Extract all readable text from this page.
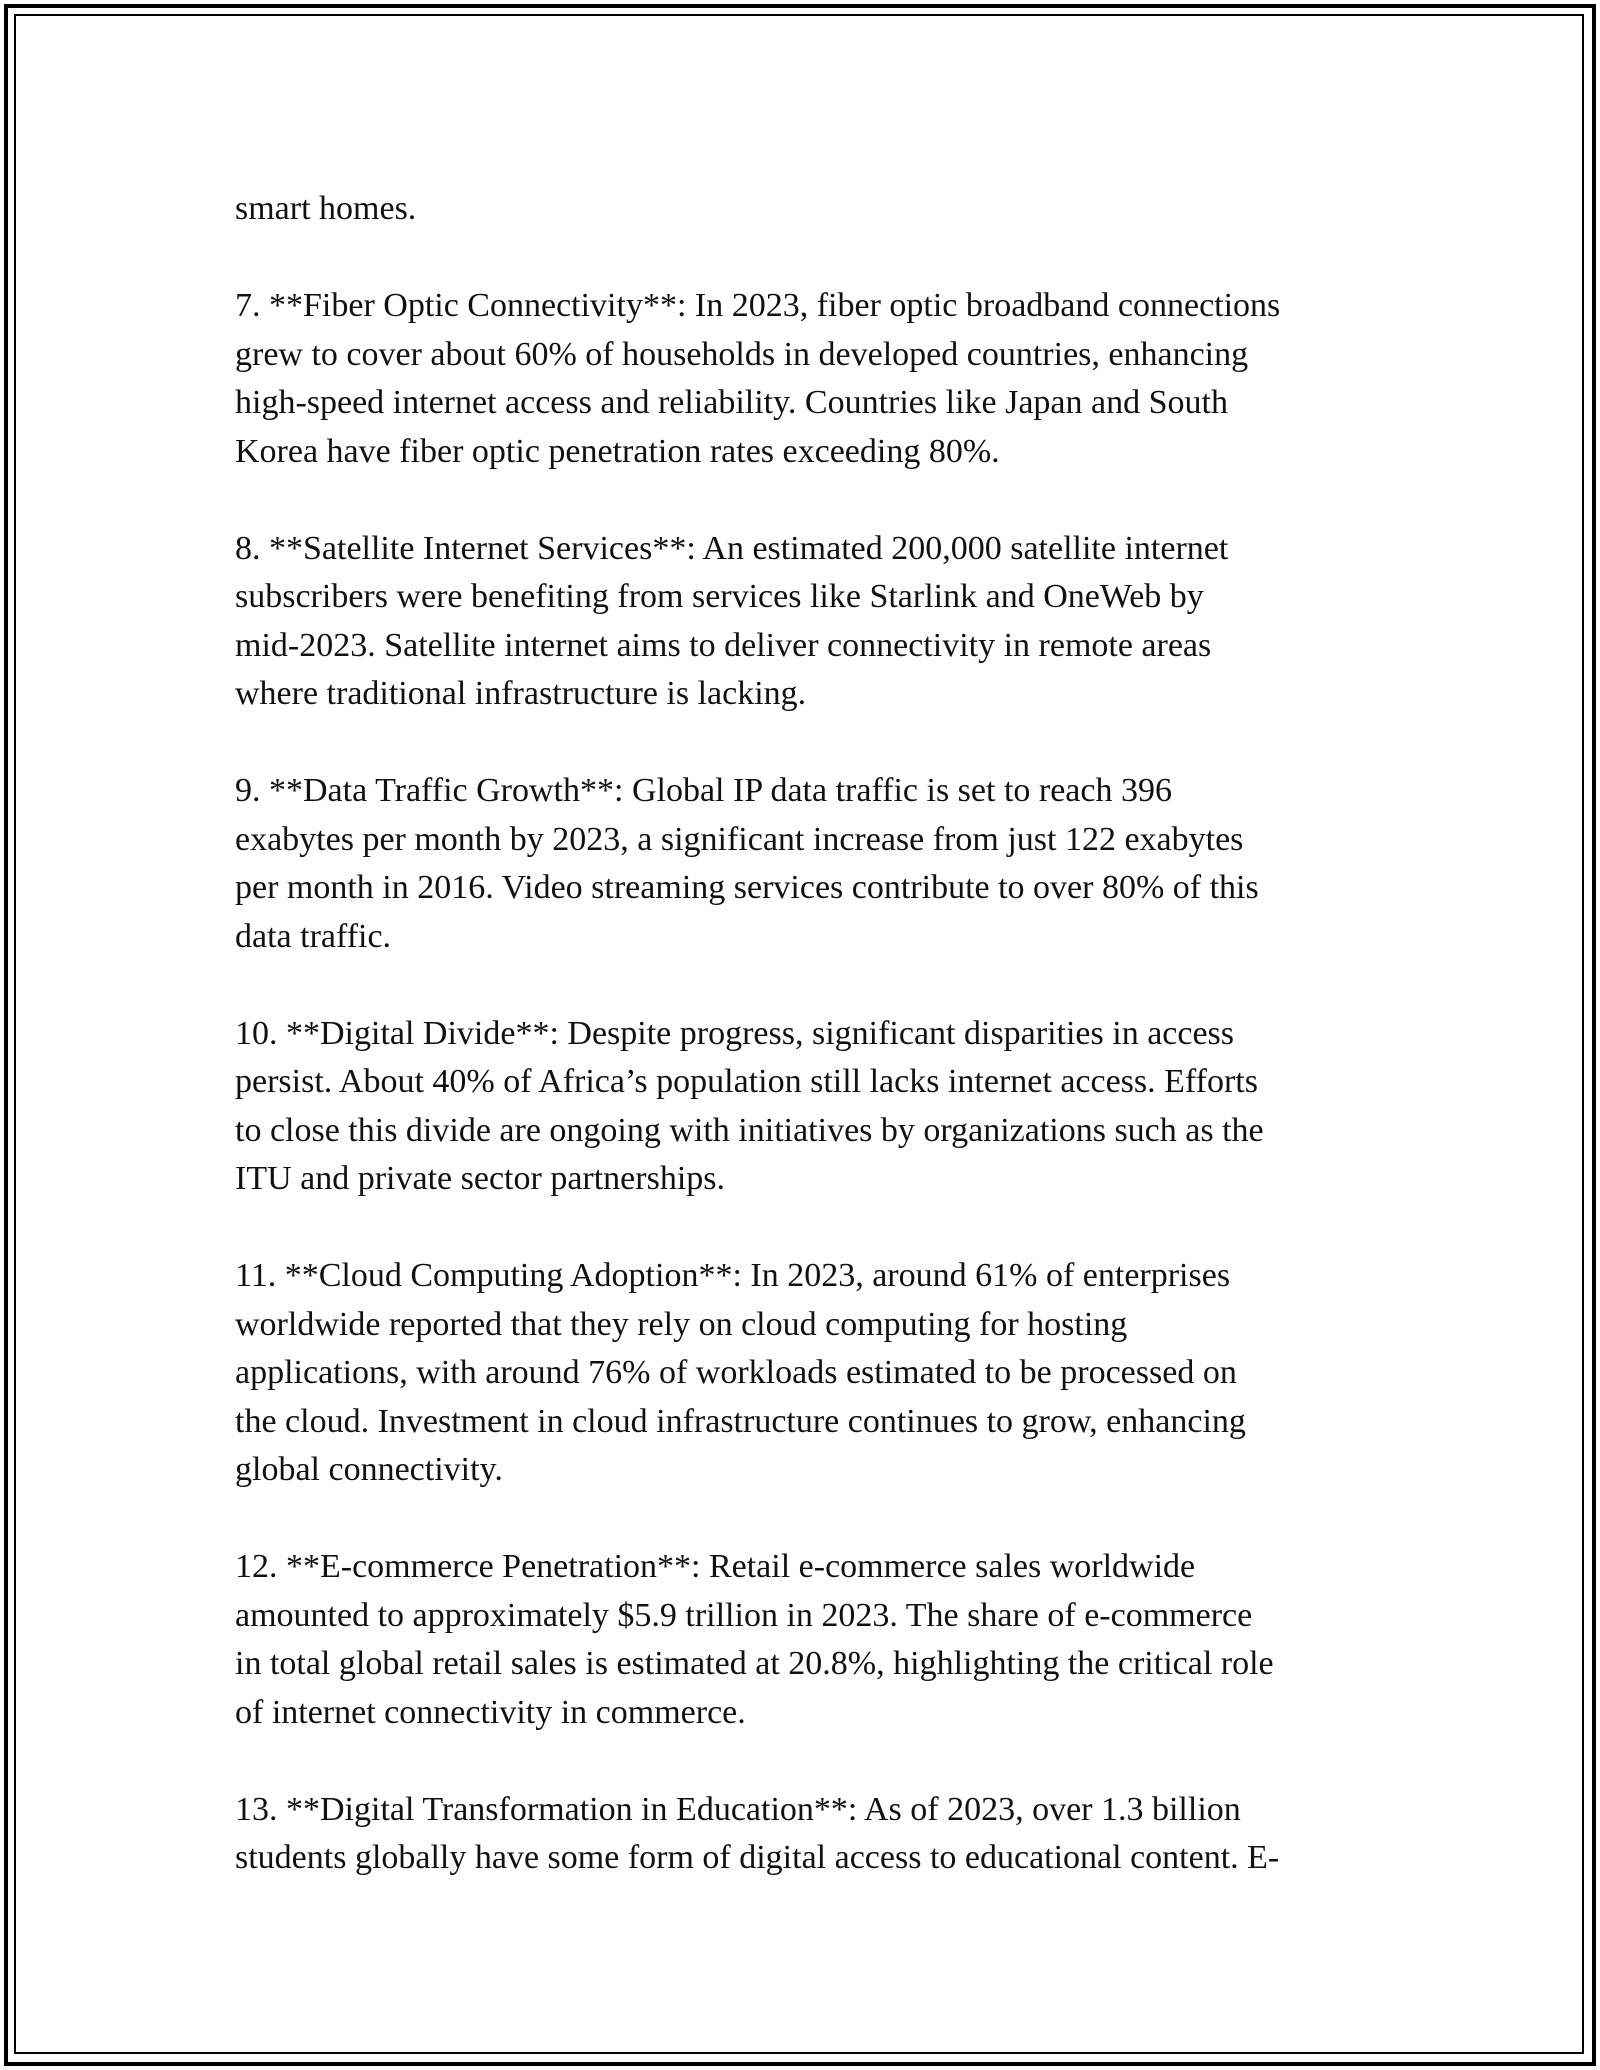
smart homes.
7. **Fiber Optic Connectivity**: In 2023, fiber optic broadband connections
grew to cover about 60% of households in developed countries, enhancing
high-speed internet access and reliability. Countries like Japan and South
Korea have fiber optic penetration rates exceeding 80%.
8. **Satellite Internet Services**: An estimated 200,000 satellite internet
subscribers were benefiting from services like Starlink and OneWeb by
mid-2023. Satellite internet aims to deliver connectivity in remote areas
where traditional infrastructure is lacking.
9. **Data Traffic Growth**: Global IP data traffic is set to reach 396
exabytes per month by 2023, a significant increase from just 122 exabytes
per month in 2016. Video streaming services contribute to over 80% of this
data traffic.
10. **Digital Divide**: Despite progress, significant disparities in access
persist. About 40% of Africa’s population still lacks internet access. Efforts
to close this divide are ongoing with initiatives by organizations such as the
ITU and private sector partnerships.
11. **Cloud Computing Adoption**: In 2023, around 61% of enterprises
worldwide reported that they rely on cloud computing for hosting
applications, with around 76% of workloads estimated to be processed on
the cloud. Investment in cloud infrastructure continues to grow, enhancing
global connectivity.
12. **E-commerce Penetration**: Retail e-commerce sales worldwide
amounted to approximately $5.9 trillion in 2023. The share of e-commerce
in total global retail sales is estimated at 20.8%, highlighting the critical role
of internet connectivity in commerce.
13. **Digital Transformation in Education**: As of 2023, over 1.3 billion
students globally have some form of digital access to educational content. E-
